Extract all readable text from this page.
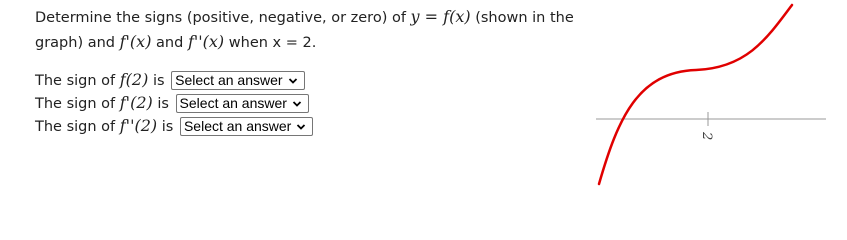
Determine the signs (positive, negative, or zero) of y = f(x) (shown in the graph) and f'(x) and f''(x) when x = 2.
The sign of f(2) is Select an answer
The sign of f'(2) is Select an answer
The sign of f''(2) is Select an answer
2
